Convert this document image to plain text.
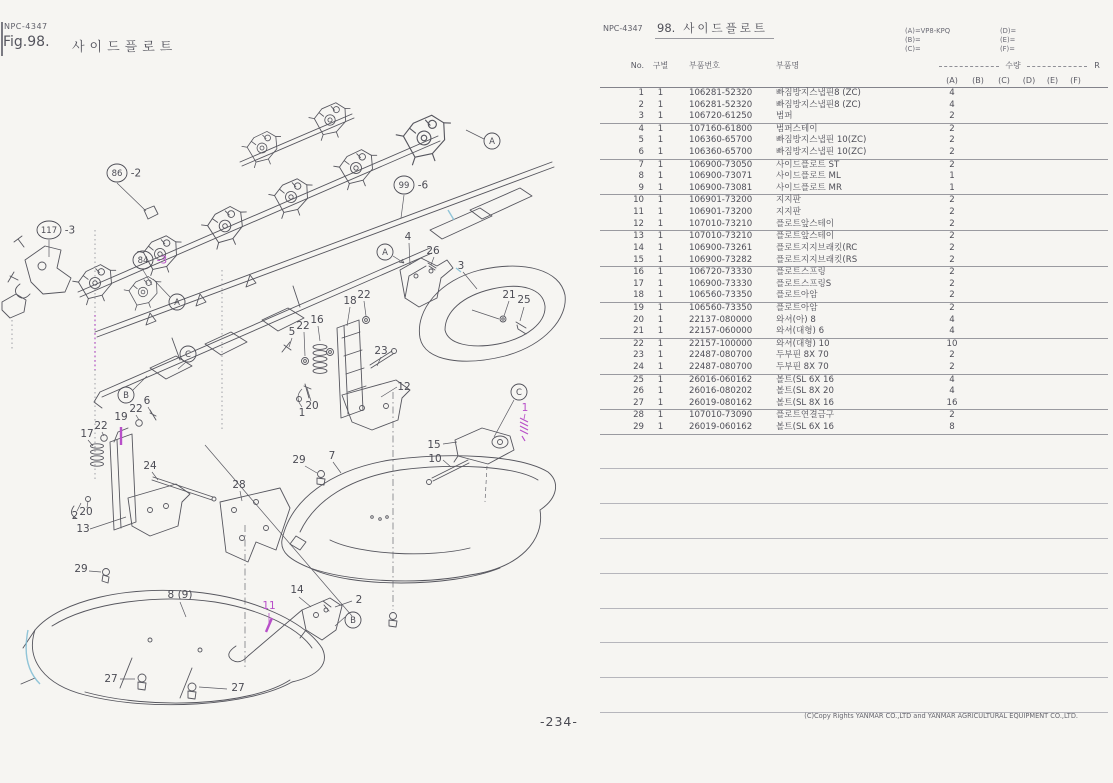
NPC-4347
Fig.98. 사이드플로트
4
26
3
21 25
22
18
16
22
5
23
12
20
1
15
10
1
6
22
19
22
17
24
28
29 7
20
2
13
29
8 (9)
11
14
2
27
27
86 -2
117 -3
84 -3
99 -6
A
A
A
B
B
C
C
NPC-4347 98. 사이드플로트	(A)=VP8-KPQ
(B)=
(C)=
(D)=
(E)=
(F)=
No.	구별	부품번호	부품명	수량	R
(A)	(B)	(C)	(D)	(E)	(F)
1	1	106281-52320	빠짐방지스냅핀8 (ZC)	4
2	1	106281-52320	빠짐방지스냅핀8 (ZC)	4
3	1	106720-61250	범퍼	2
4	1	107160-61800	범퍼스테이	2
5	1	106360-65700	빠짐방지스냅핀 10(ZC)	2
6	1	106360-65700	빠짐방지스냅핀 10(ZC)	2
7	1	106900-73050	사이드플로트 ST	2
8	1	106900-73071	사이드플로트 ML	1
9	1	106900-73081	사이드플로트 MR	1
10	1	106901-73200	지지판	2
11	1	106901-73200	지지판	2
12	1	107010-73210	플로트앞스테이	2
13	1	107010-73210	플로트앞스테이	2
14	1	106900-73261	플로트지지브래킷(RC	2
15	1	106900-73282	플로트지지브래킷(RS	2
16	1	106720-73330	플로트스프링	2
17	1	106900-73330	플로트스프링S	2
18	1	106560-73350	플로트아암	2
19	1	106560-73350	플로트아암	2
20	1	22137-080000	와셔(아) 8	4
21	1	22157-060000	와셔(대형) 6	4
22	1	22157-100000	와셔(대형) 10	10
23	1	22487-080700	두부핀 8X 70	2
24	1	22487-080700	두부핀 8X 70	2
25	1	26016-060162	볼트(SL 6X 16	4
26	1	26016-080202	볼트(SL 8X 20	4
27	1	26019-080162	볼트(SL 8X 16	16
28	1	107010-73090	플로트연결금구	2
29	1	26019-060162	볼트(SL 6X 16	8
-234-	(C)Copy Rights YANMAR CO.,LTD and YANMAR AGRICULTURAL EQUIPMENT CO.,LTD.
